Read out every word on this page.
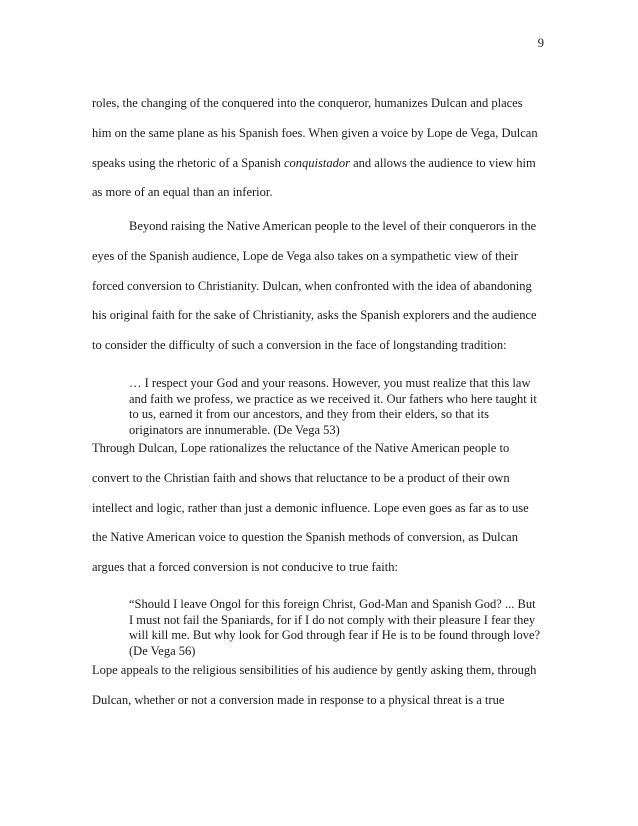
9
roles, the changing of the conquered into the conqueror, humanizes Dulcan and places
him on the same plane as his Spanish foes. When given a voice by Lope de Vega, Dulcan
speaks using the rhetoric of a Spanish conquistador and allows the audience to view him
as more of an equal than an inferior.
Beyond raising the Native American people to the level of their conquerors in the
eyes of the Spanish audience, Lope de Vega also takes on a sympathetic view of their
forced conversion to Christianity. Dulcan, when confronted with the idea of abandoning
his original faith for the sake of Christianity, asks the Spanish explorers and the audience
to consider the difficulty of such a conversion in the face of longstanding tradition:
… I respect your God and your reasons. However, you must realize that this law
and faith we profess, we practice as we received it. Our fathers who here taught it
to us, earned it from our ancestors, and they from their elders, so that its
originators are innumerable. (De Vega 53)
Through Dulcan, Lope rationalizes the reluctance of the Native American people to
convert to the Christian faith and shows that reluctance to be a product of their own
intellect and logic, rather than just a demonic influence. Lope even goes as far as to use
the Native American voice to question the Spanish methods of conversion, as Dulcan
argues that a forced conversion is not conducive to true faith:
“Should I leave Ongol for this foreign Christ, God-Man and Spanish God? ... But
I must not fail the Spaniards, for if I do not comply with their pleasure I fear they
will kill me. But why look for God through fear if He is to be found through love?
(De Vega 56)
Lope appeals to the religious sensibilities of his audience by gently asking them, through
Dulcan, whether or not a conversion made in response to a physical threat is a true
